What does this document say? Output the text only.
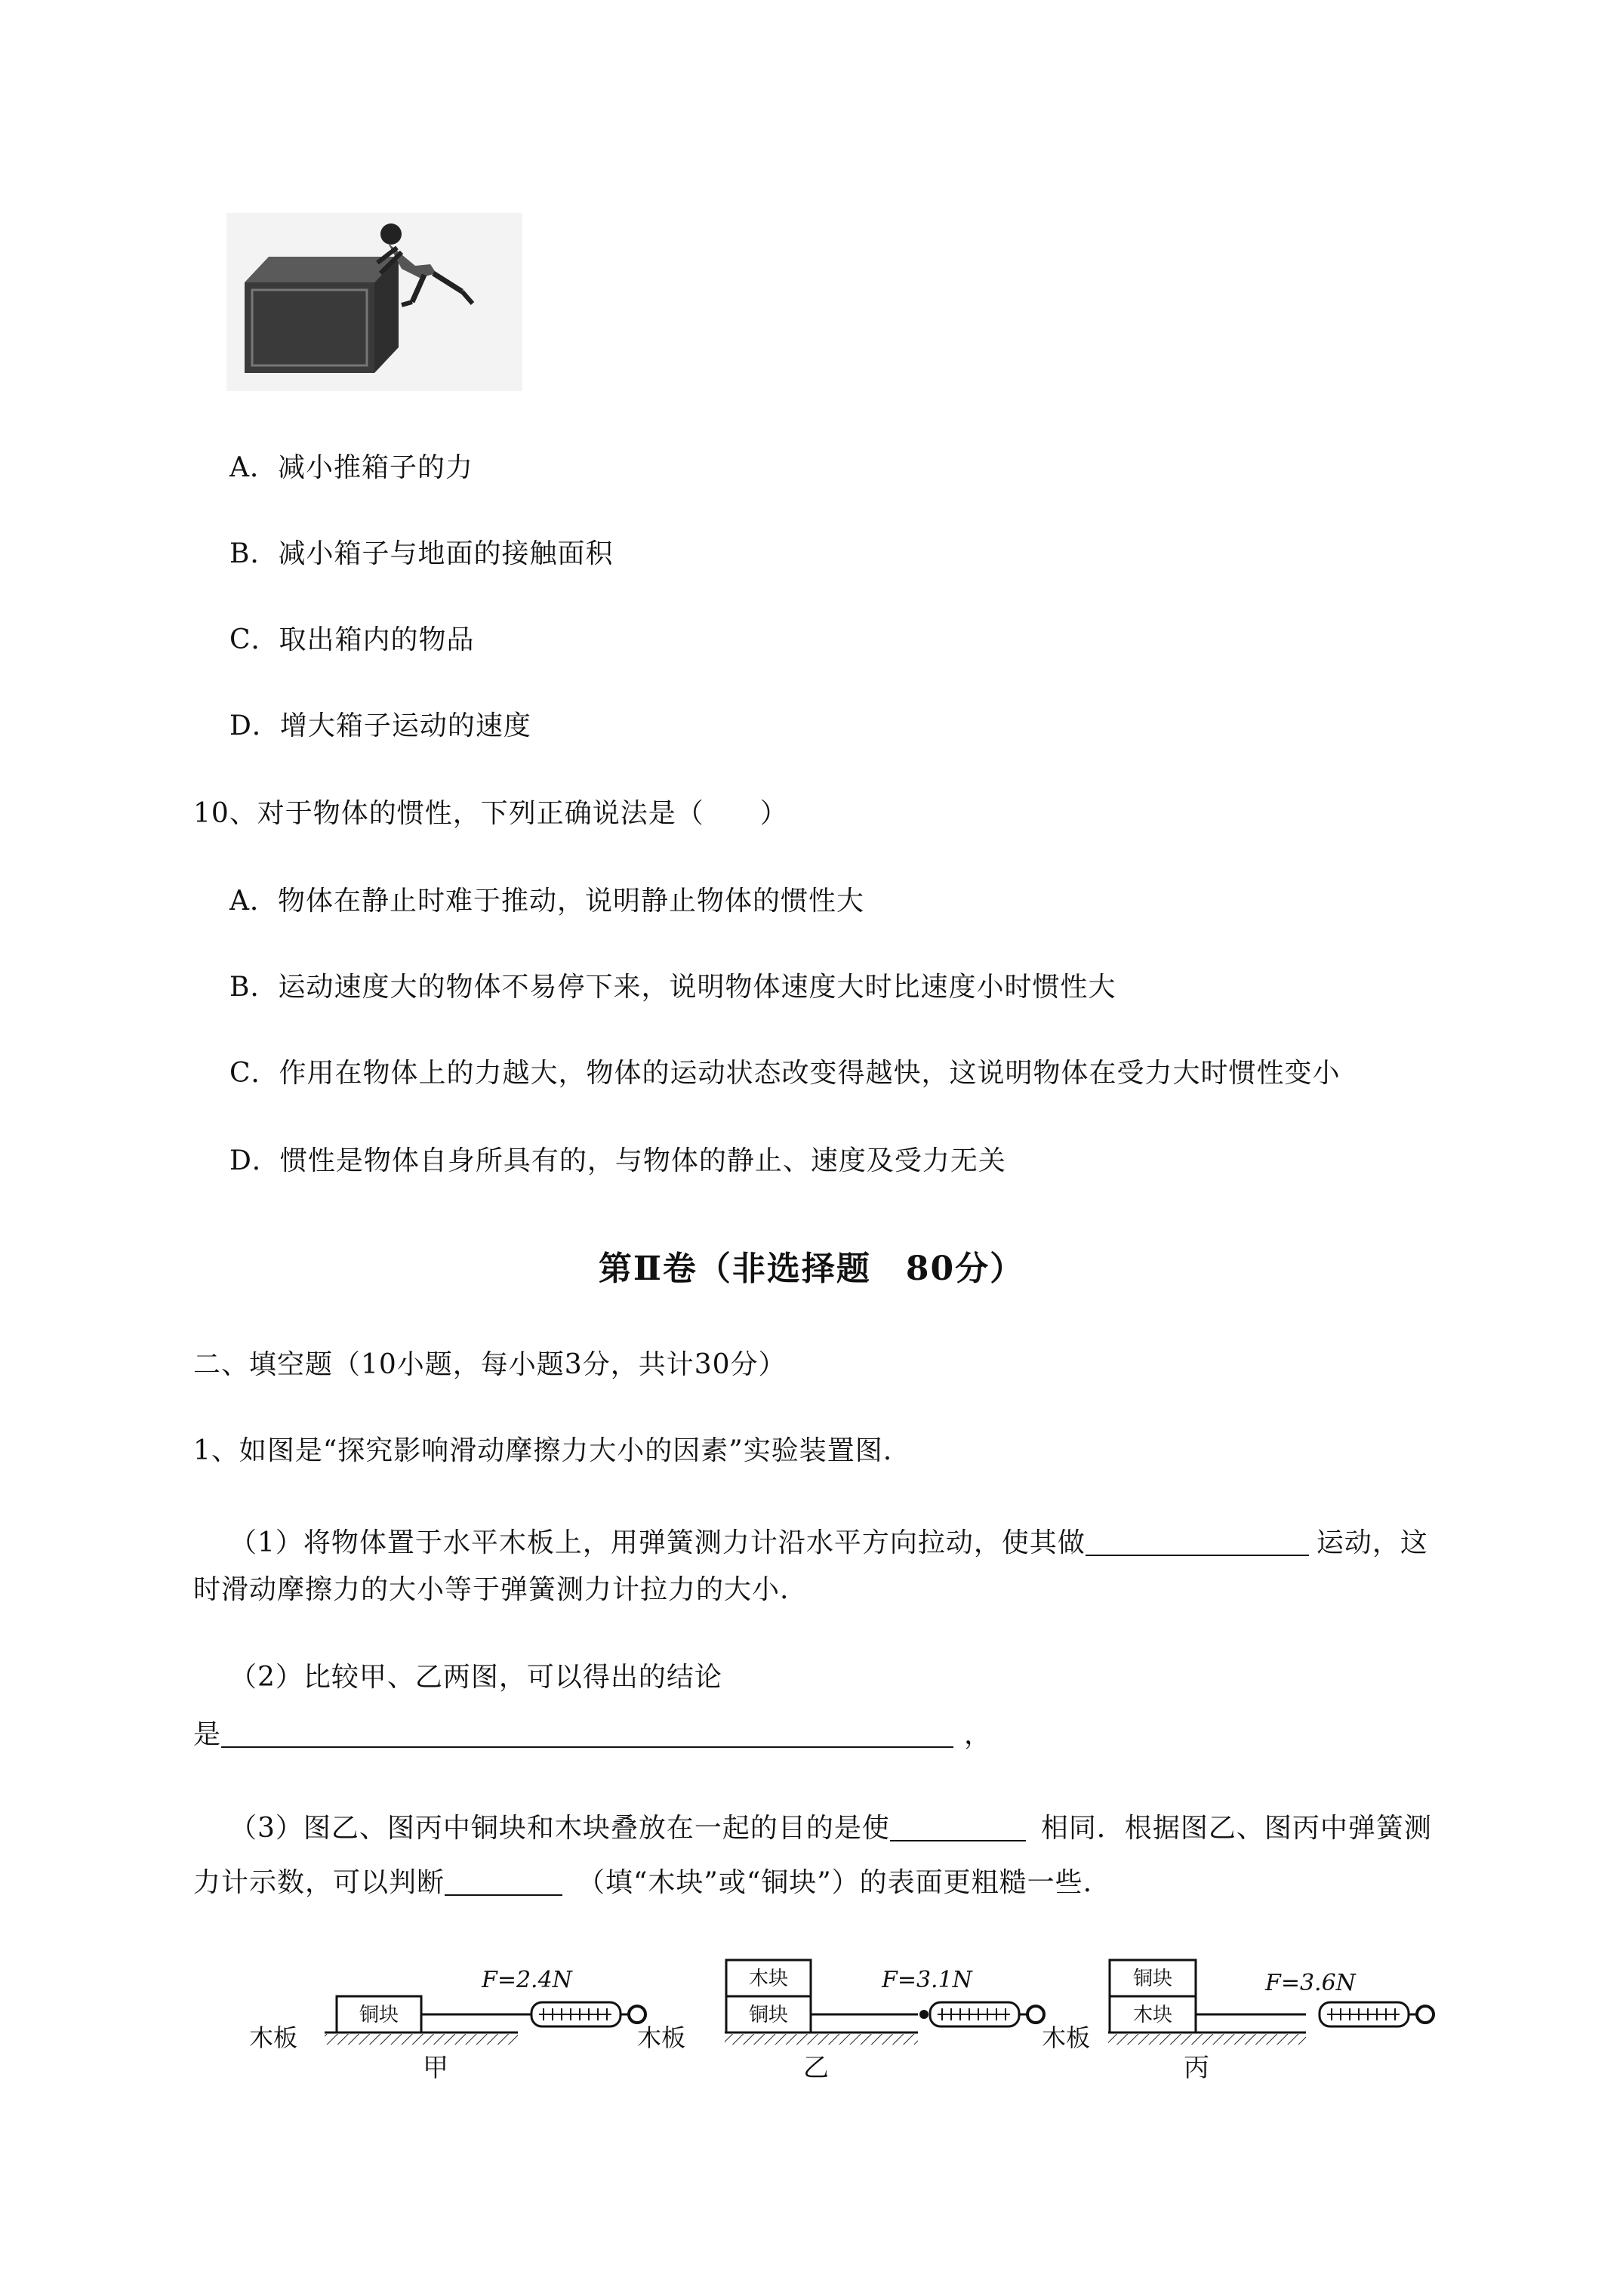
A．减小推箱子的力
B．减小箱子与地面的接触面积
C．取出箱内的物品
D．增大箱子运动的速度
10、对于物体的惯性，下列正确说法是（　　）
A．物体在静止时难于推动，说明静止物体的惯性大
B．运动速度大的物体不易停下来，说明物体速度大时比速度小时惯性大
C．作用在物体上的力越大，物体的运动状态改变得越快，这说明物体在受力大时惯性变小
D．惯性是物体自身所具有的，与物体的静止、速度及受力无关
第Ⅱ卷（非选择题　80分）
二、填空题（10小题，每小题3分，共计30分）
1、如图是“探究影响滑动摩擦力大小的因素”实验装置图.
（1）将物体置于水平木板上，用弹簧测力计沿水平方向拉动，使其做	运动，这
时滑动摩擦力的大小等于弹簧测力计拉力的大小.
（2）比较甲、乙两图，可以得出的结论
是	，
（3）图乙、图丙中铜块和木块叠放在一起的目的是使	相同．根据图乙、图丙中弹簧测
力计示数，可以判断	（填“木块”或“铜块”）的表面更粗糙一些.
木板
铜块
F=2.4N
甲
木板
木块
铜块
F=3.1N
乙
木板
铜块
木块
F=3.6N
丙
